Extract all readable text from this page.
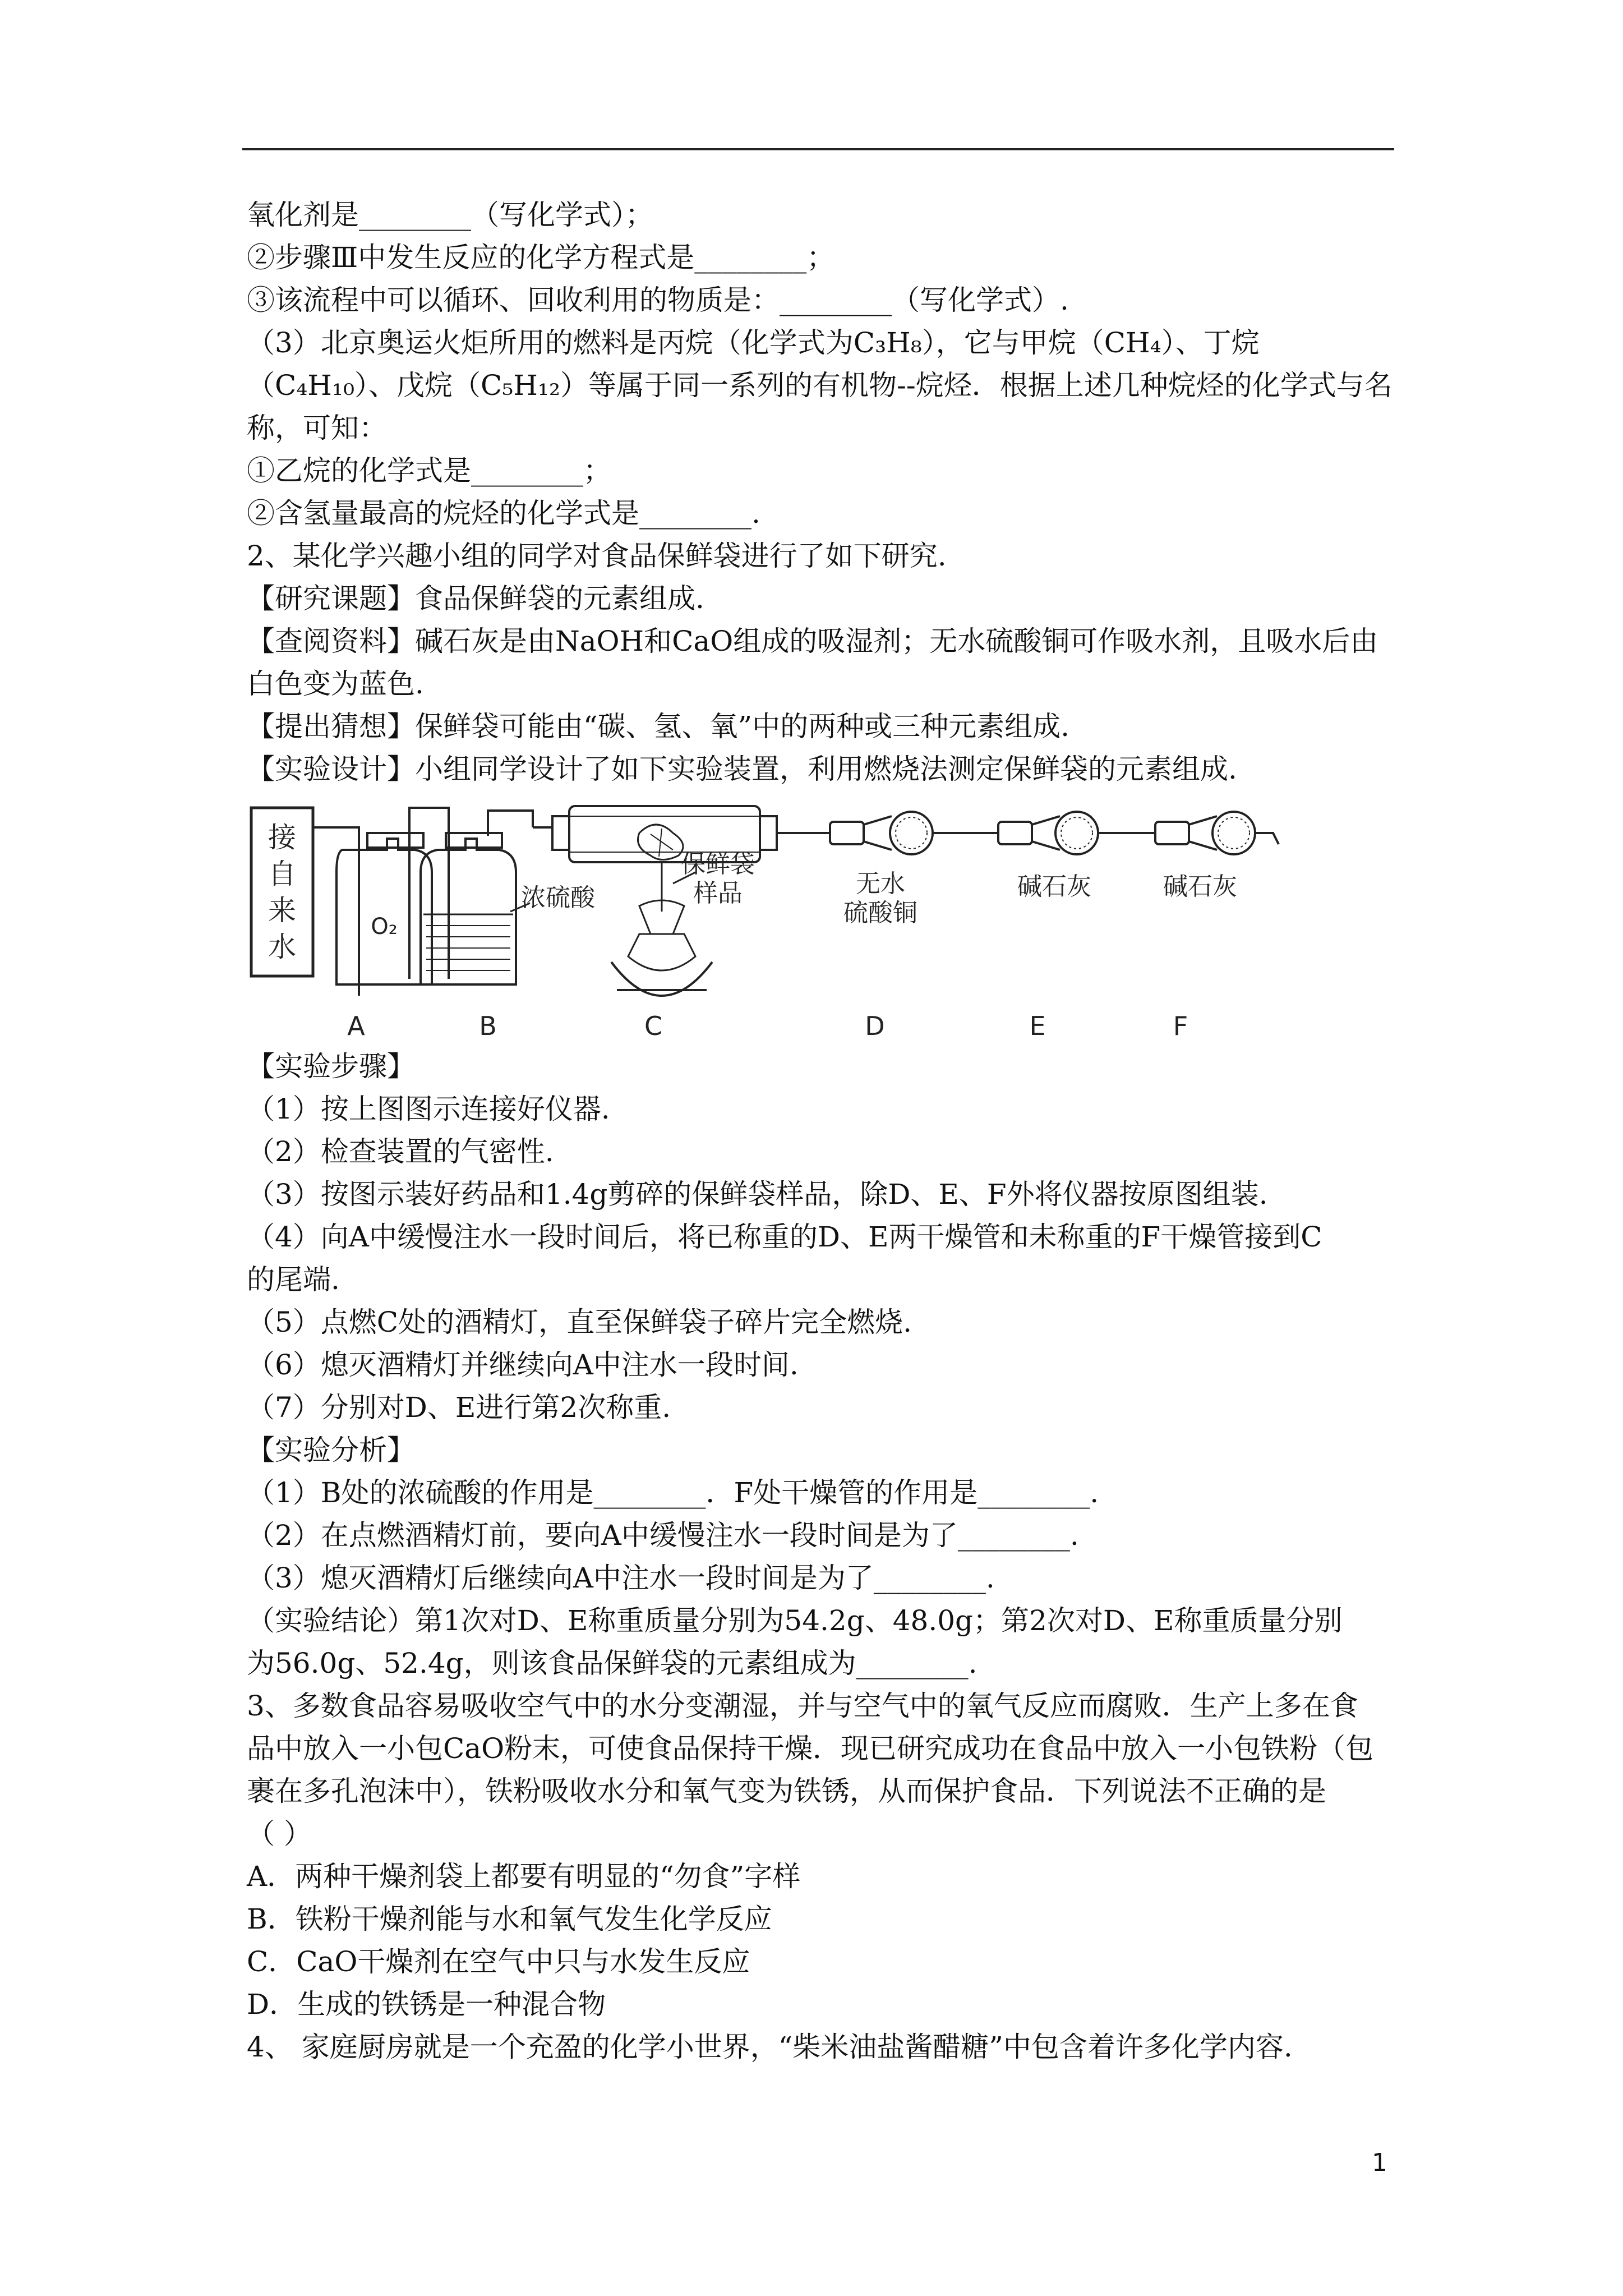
氧化剂是________（写化学式）；
②步骤Ⅲ中发生反应的化学方程式是________；
③该流程中可以循环、回收利用的物质是：________（写化学式）.
（3）北京奥运火炬所用的燃料是丙烷（化学式为C₃H₈），它与甲烷（CH₄）、丁烷
（C₄H₁₀）、戊烷（C₅H₁₂）等属于同一系列的有机物--烷烃．根据上述几种烷烃的化学式与名
称，可知：
①乙烷的化学式是________；
②含氢量最高的烷烃的化学式是________.
2、某化学兴趣小组的同学对食品保鲜袋进行了如下研究.
【研究课题】食品保鲜袋的元素组成.
【查阅资料】碱石灰是由NaOH和CaO组成的吸湿剂；无水硫酸铜可作吸水剂，且吸水后由
白色变为蓝色.
【提出猜想】保鲜袋可能由“碳、氢、氧”中的两种或三种元素组成.
【实验设计】小组同学设计了如下实验装置，利用燃烧法测定保鲜袋的元素组成.
接
自
来
水
O₂
浓硫酸
保鲜袋
样品	无水
硫酸铜
碱石灰	碱石灰
A	B	C	D	E	F
【实验步骤】
（1）按上图图示连接好仪器.
（2）检查装置的气密性.
（3）按图示装好药品和1.4g剪碎的保鲜袋样品，除D、E、F外将仪器按原图组装.
（4）向A中缓慢注水一段时间后，将已称重的D、E两干燥管和未称重的F干燥管接到C
的尾端.
（5）点燃C处的酒精灯，直至保鲜袋子碎片完全燃烧.
（6）熄灭酒精灯并继续向A中注水一段时间.
（7）分别对D、E进行第2次称重.
【实验分析】
（1）B处的浓硫酸的作用是________．F处干燥管的作用是________.
（2）在点燃酒精灯前，要向A中缓慢注水一段时间是为了________.
（3）熄灭酒精灯后继续向A中注水一段时间是为了________.
（实验结论）第1次对D、E称重质量分别为54.2g、48.0g；第2次对D、E称重质量分别
为56.0g、52.4g，则该食品保鲜袋的元素组成为________.
3、多数食品容易吸收空气中的水分变潮湿，并与空气中的氧气反应而腐败．生产上多在食
品中放入一小包CaO粉末，可使食品保持干燥．现已研究成功在食品中放入一小包铁粉（包
裹在多孔泡沫中），铁粉吸收水分和氧气变为铁锈，从而保护食品．下列说法不正确的是
（ ）
A．两种干燥剂袋上都要有明显的“勿食”字样
B．铁粉干燥剂能与水和氧气发生化学反应
C．CaO干燥剂在空气中只与水发生反应
D．生成的铁锈是一种混合物
4、 家庭厨房就是一个充盈的化学小世界，“柴米油盐酱醋糖”中包含着许多化学内容.
1
